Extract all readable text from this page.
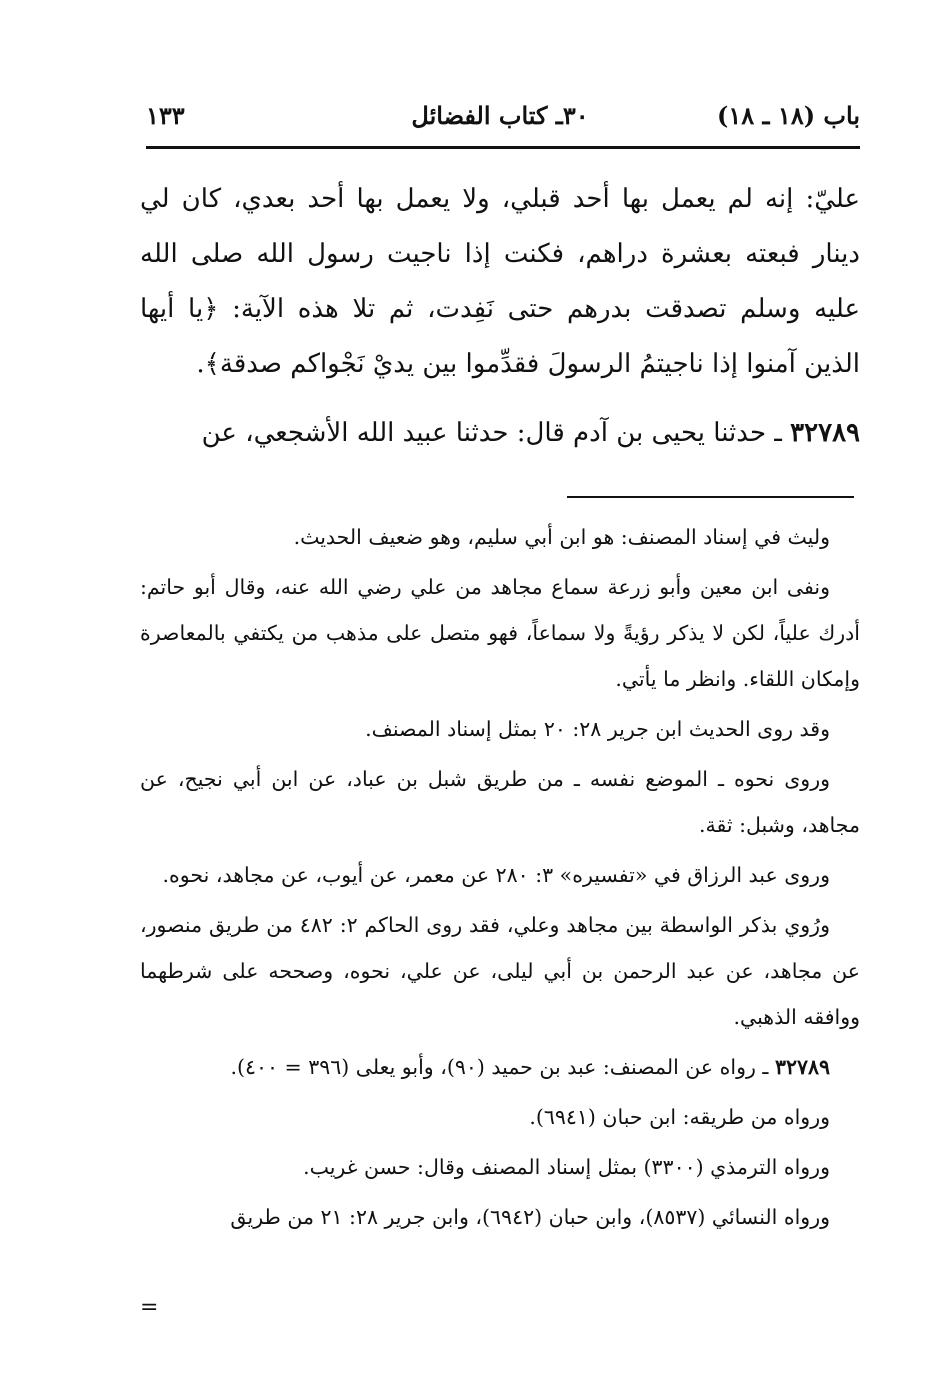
باب (١٨ ـ ١٨)
٣٠ـ كتاب الفضائل
١٣٣

عليّ: إنه لم يعمل بها أحد قبلي، ولا يعمل بها أحد بعدي، كان لي دينار فبعته بعشرة دراهم، فكنت إذا ناجيت رسول الله صلى الله عليه وسلم تصدقت بدرهم حتى نَفِدت، ثم تلا هذه الآية: ﴿يا أيها الذين آمنوا إذا ناجيتمُ الرسولَ فقدِّموا بين يديْ نَجْواكم صدقة﴾.

٣٢٧٨٩ ـ حدثنا يحيى بن آدم قال: حدثنا عبيد الله الأشجعي، عن

وليث في إسناد المصنف: هو ابن أبي سليم، وهو ضعيف الحديث.

ونفى ابن معين وأبو زرعة سماع مجاهد من علي رضي الله عنه، وقال أبو حاتم: أدرك علياً، لكن لا يذكر رؤيةً ولا سماعاً، فهو متصل على مذهب من يكتفي بالمعاصرة وإمكان اللقاء. وانظر ما يأتي.

وقد روى الحديث ابن جرير ٢٨: ٢٠ بمثل إسناد المصنف.

وروى نحوه ـ الموضع نفسه ـ من طريق شبل بن عباد، عن ابن أبي نجيح، عن مجاهد، وشبل: ثقة.

وروى عبد الرزاق في «تفسيره» ٣: ٢٨٠ عن معمر، عن أيوب، عن مجاهد، نحوه.

ورُوي بذكر الواسطة بين مجاهد وعلي، فقد روى الحاكم ٢: ٤٨٢ من طريق منصور، عن مجاهد، عن عبد الرحمن بن أبي ليلى، عن علي، نحوه، وصححه على شرطهما ووافقه الذهبي.

٣٢٧٨٩ ـ رواه عن المصنف: عبد بن حميد (٩٠)، وأبو يعلى (٣٩٦ = ٤٠٠).

ورواه من طريقه: ابن حبان (٦٩٤١).

ورواه الترمذي (٣٣٠٠) بمثل إسناد المصنف وقال: حسن غريب.

ورواه النسائي (٨٥٣٧)، وابن حبان (٦٩٤٢)، وابن جرير ٢٨: ٢١ من طريق

=
